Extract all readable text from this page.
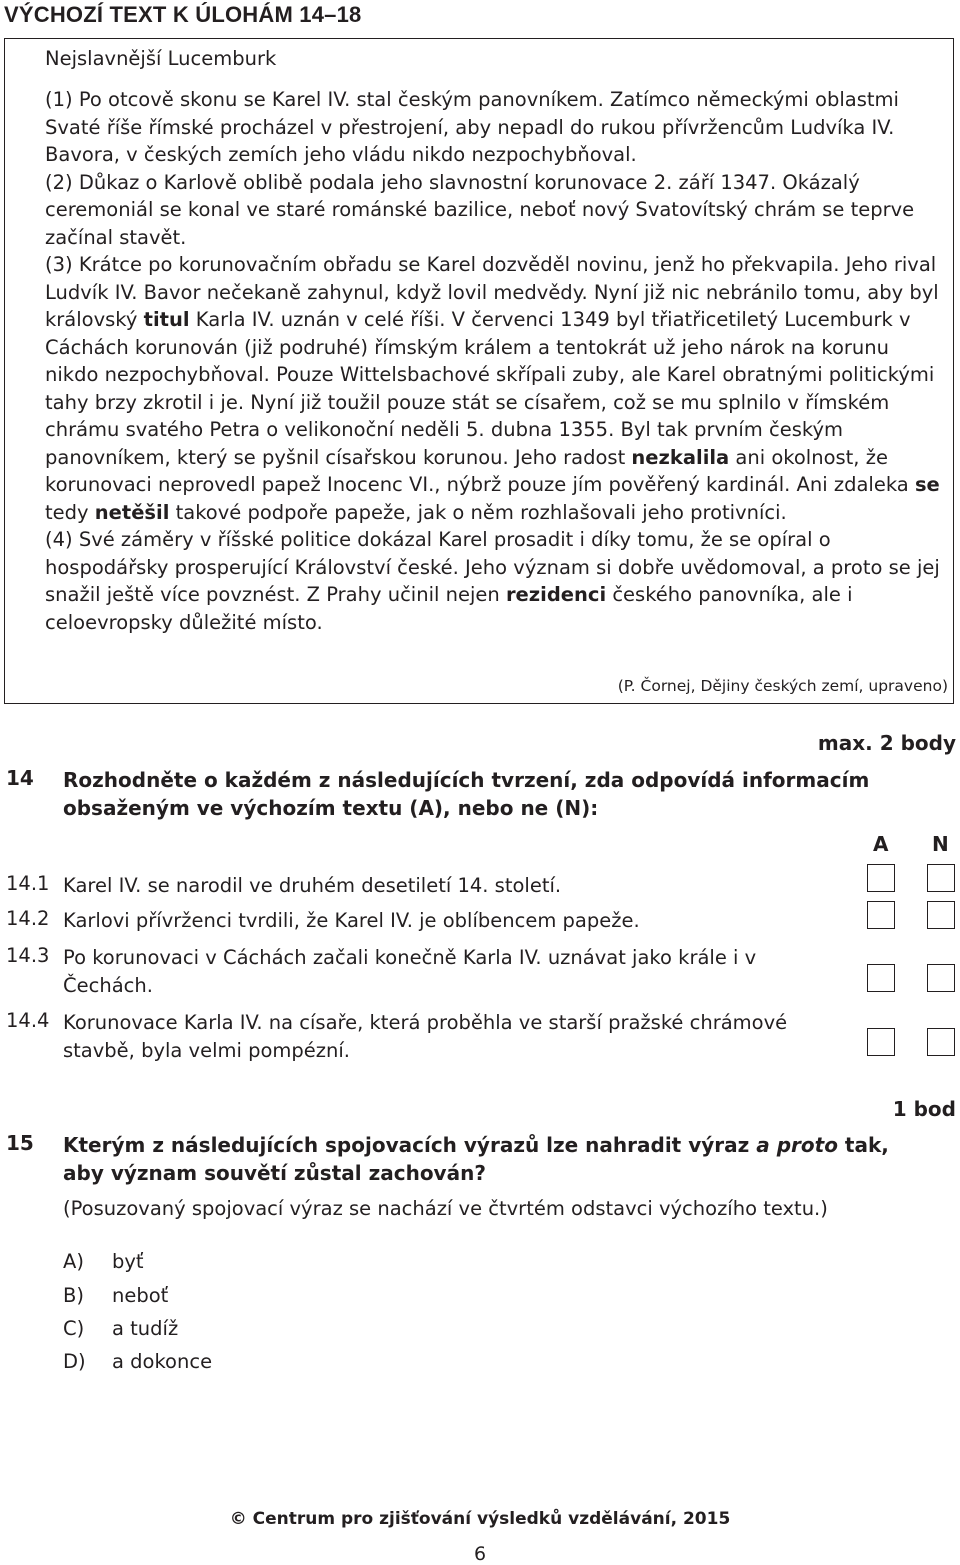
VÝCHOZÍ TEXT K ÚLOHÁM 14–18
Nejslavnější Lucemburk

(1) Po otcově skonu se Karel IV. stal českým panovníkem. Zatímco německými oblastmi Svaté říše římské procházel v přestrojení, aby nepadl do rukou přívržencům Ludvíka IV. Bavora, v českých zemích jeho vládu nikdo nezpochybňoval.

(2) Důkaz o Karlově oblibě podala jeho slavnostní korunovace 2. září 1347. Okázalý ceremoniál se konal ve staré románské bazilice, neboť nový Svatovítský chrám se teprve začínal stavět.

(3) Krátce po korunovačním obřadu se Karel dozvěděl novinu, jenž ho překvapila. Jeho rival Ludvík IV. Bavor nečekaně zahynul, když lovil medvědy. Nyní již nic nebránilo tomu, aby byl královský titul Karla IV. uznán v celé říši. V červenci 1349 byl třiatřicetiletý Lucemburk v Cáchách korunován (již podruhé) římským králem a tentokrát už jeho nárok na korunu nikdo nezpochybňoval. Pouze Wittelsbachové skřípali zuby, ale Karel obratnými politickými tahy brzy zkrotil i je. Nyní již toužil pouze stát se císařem, což se mu splnilo v římském chrámu svatého Petra o velikonoční neděli 5. dubna 1355. Byl tak prvním českým panovníkem, který se pyšnil císařskou korunou. Jeho radost nezkalila ani okolnost, že korunovaci neprovedl papež Inocenc VI., nýbrž pouze jím pověřený kardinál. Ani zdaleka se tedy netěšil takové podpoře papeže, jak o něm rozhlašovali jeho protivníci.

(4) Své záměry v říšské politice dokázal Karel prosadit i díky tomu, že se opíral o hospodářsky prosperující Království české. Jeho význam si dobře uvědomoval, a proto se jej snažil ještě více povznést. Z Prahy učinil nejen rezidenci českého panovníka, ale i celoevropsky důležité místo.

(P. Čornej, Dějiny českých zemí, upraveno)
max. 2 body
14 Rozhodněte o každém z následujících tvrzení, zda odpovídá informacím obsaženým ve výchozím textu (A), nebo ne (N):
A N
14.1 Karel IV. se narodil ve druhém desetiletí 14. století.
14.2 Karlovi přívrženci tvrdili, že Karel IV. je oblíbencem papeže.
14.3 Po korunovaci v Cáchách začali konečně Karla IV. uznávat jako krále i v Čechách.
14.4 Korunovace Karla IV. na císaře, která proběhla ve starší pražské chrámové stavbě, byla velmi pompézní.
1 bod
15 Kterým z následujících spojovacích výrazů lze nahradit výraz a proto tak, aby význam souvětí zůstal zachován?
(Posuzovaný spojovací výraz se nachází ve čtvrtém odstavci výchozího textu.)
A) byť
B) neboť
C) a tudíž
D) a dokonce
© Centrum pro zjišťování výsledků vzdělávání, 2015
6
